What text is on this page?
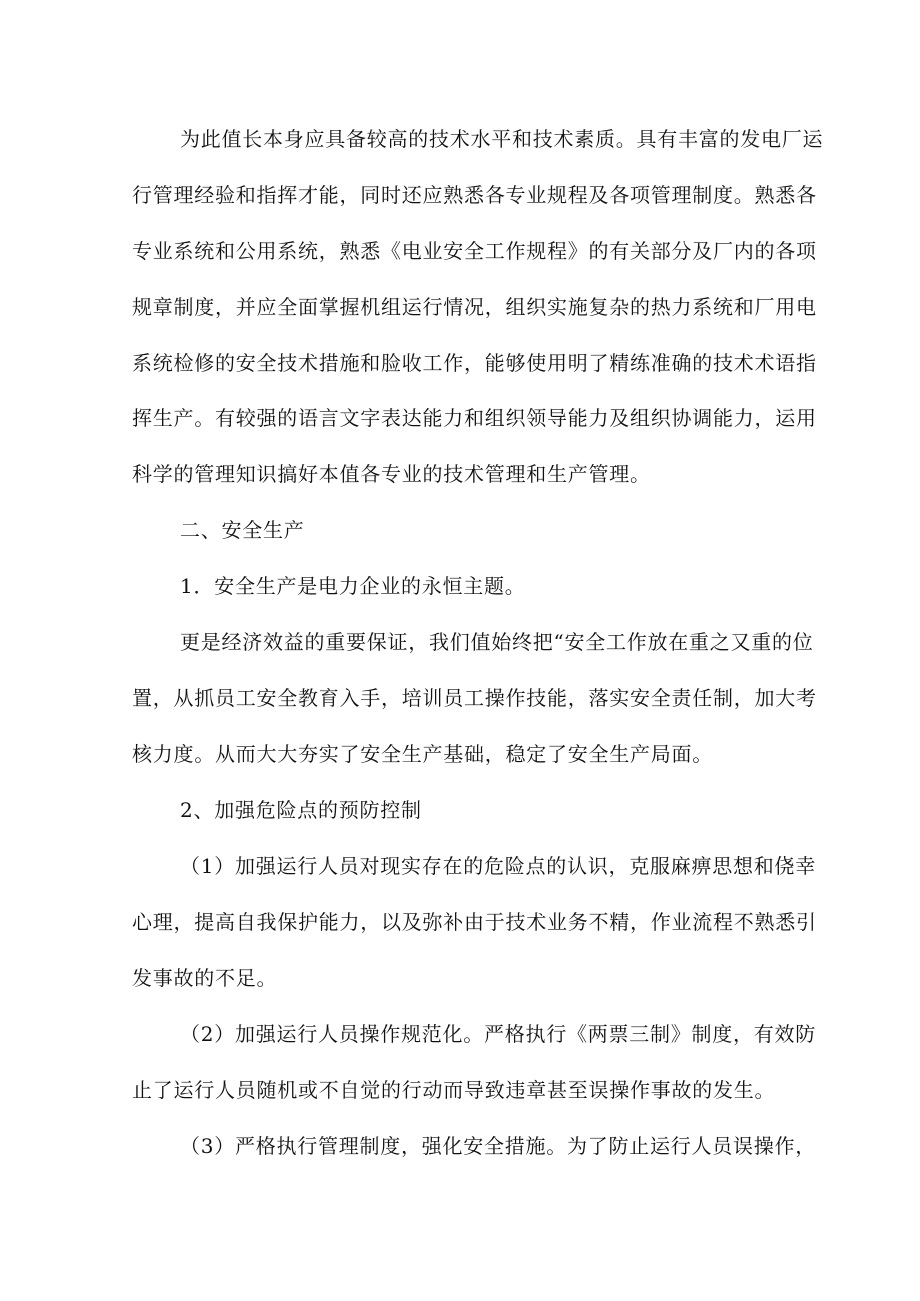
为此值长本身应具备较高的技术水平和技术素质。具有丰富的发电厂运
行管理经验和指挥才能，同时还应熟悉各专业规程及各项管理制度。熟悉各
专业系统和公用系统，熟悉《电业安全工作规程》的有关部分及厂内的各项
规章制度，并应全面掌握机组运行情况，组织实施复杂的热力系统和厂用电
系统检修的安全技术措施和脸收工作，能够使用明了精练准确的技术术语指
挥生产。有较强的语言文字表达能力和组织领导能力及组织协调能力，运用
科学的管理知识搞好本值各专业的技术管理和生产管理。
二、安全生产
1．安全生产是电力企业的永恒主题。
更是经济效益的重要保证，我们值始终把“安全工作放在重之又重的位
置，从抓员工安全教育入手，培训员工操作技能，落实安全责任制，加大考
核力度。从而大大夯实了安全生产基础，稳定了安全生产局面。
2、加强危险点的预防控制
（1）加强运行人员对现实存在的危险点的认识，克服麻痹思想和侥幸
心理，提高自我保护能力，以及弥补由于技术业务不精，作业流程不熟悉引
发事故的不足。
（2）加强运行人员操作规范化。严格执行《两票三制》制度，有效防
止了运行人员随机或不自觉的行动而导致违章甚至误操作事故的发生。
（3）严格执行管理制度，强化安全措施。为了防止运行人员误操作，
